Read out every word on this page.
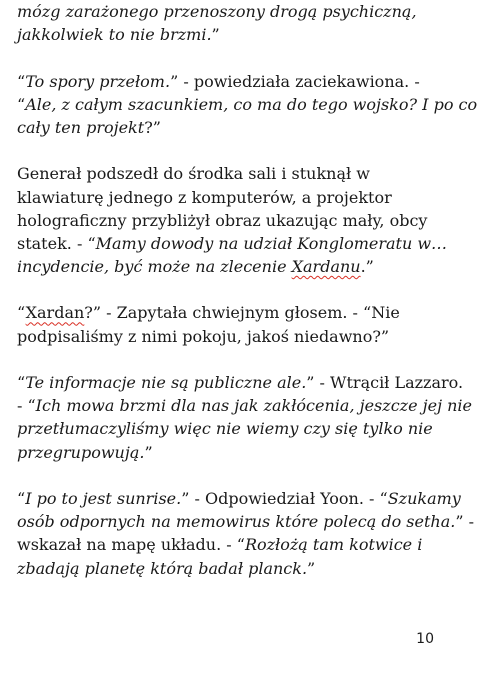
mózg zarażonego przenoszony drogą psychiczną,
jakkolwiek to nie brzmi.”
“To spory przełom.” - powiedziała zaciekawiona. -
“Ale, z całym szacunkiem, co ma do tego wojsko? I po co
cały ten projekt?”
Generał podszedł do środka sali i stuknął w
klawiaturę jednego z komputerów, a projektor
holograficzny przybliżył obraz ukazując mały, obcy
statek. - “Mamy dowody na udział Konglomeratu w…
incydencie, być może na zlecenie Xardanu.”
“Xardan?” - Zapytała chwiejnym głosem. - “Nie
podpisaliśmy z nimi pokoju, jakoś niedawno?”
“Te informacje nie są publiczne ale.” - Wtrącił Lazzaro.
- “Ich mowa brzmi dla nas jak zakłócenia, jeszcze jej nie
przetłumaczyliśmy więc nie wiemy czy się tylko nie
przegrupowują.”
“I po to jest sunrise.” - Odpowiedział Yoon. - “Szukamy
osób odpornych na memowirus które polecą do setha.” -
wskazał na mapę układu. - “Rozłożą tam kotwice i
zbadają planetę którą badał planck.”
10
